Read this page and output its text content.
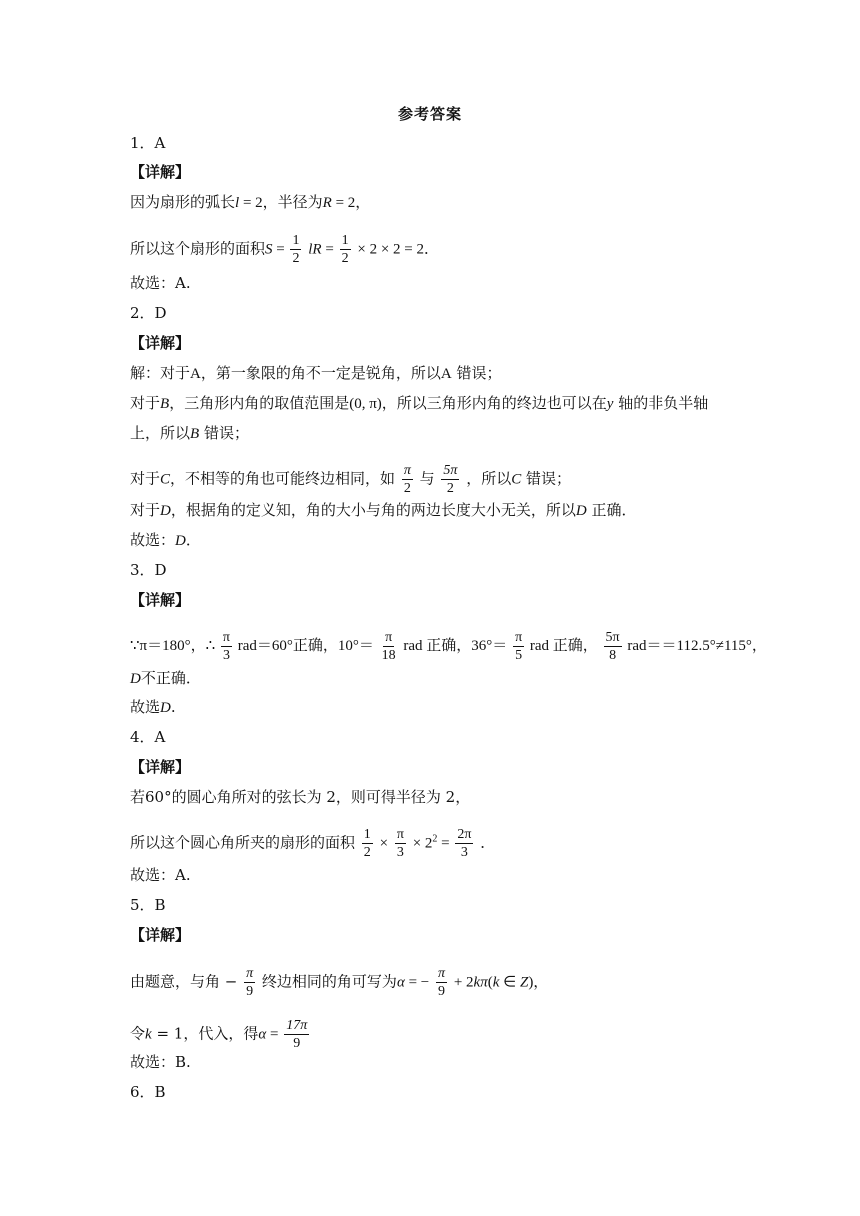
参考答案
1．A
【详解】
因为扇形的弧长l = 2，半径为R = 2，
所以这个扇形的面积$S = \frac{1}{2}$ lR = $\frac{1}{2} \times 2 \times 2 = 2$．
故选：A.
2．D
【详解】
解：对于A，第一象限的角不一定是锐角，所以A 错误；
对于B，三角形内角的取值范围是(0, π)，所以三角形内角的终边也可以在y 轴的非负半轴
上，所以B 错误；
对于C，不相等的角也可能终边相同，如 $\frac{\pi}{2}$ 与 $\frac{5\pi}{2}$ ，所以C 错误；
对于D，根据角的定义知，角的大小与角的两边长度大小无关，所以D 正确．
故选：D．
3．D
【详解】
∵π＝180°，∴ $\frac{\pi}{3} rad=60^\circ$正确，$10^\circ= \frac{\pi}{18}$ rad 正确，$36^\circ= \frac{\pi}{5}$ rad 正确， $\frac{5\pi}{8} rad==112.5^\circ\ne 115^\circ$，
D不正确．
故选D.
4．A
【详解】
若60°的圆心角所对的弦长为 2，则可得半径为 2，
所以这个圆心角所夹的扇形的面积 $\frac{1}{2} \times \frac{\pi}{3} \times 2^2 = \frac{2\pi}{3}$ ．
故选：A.
5．B
【详解】
由题意，与角 − $\frac{\pi}{9}$ 终边相同的角可写为α = − $\frac{\pi}{9} + 2k\pi(k$ ∈ Z)，
令k = 1，代入，得$\alpha = \frac{17\pi}{9}$
故选：B.
6．B
